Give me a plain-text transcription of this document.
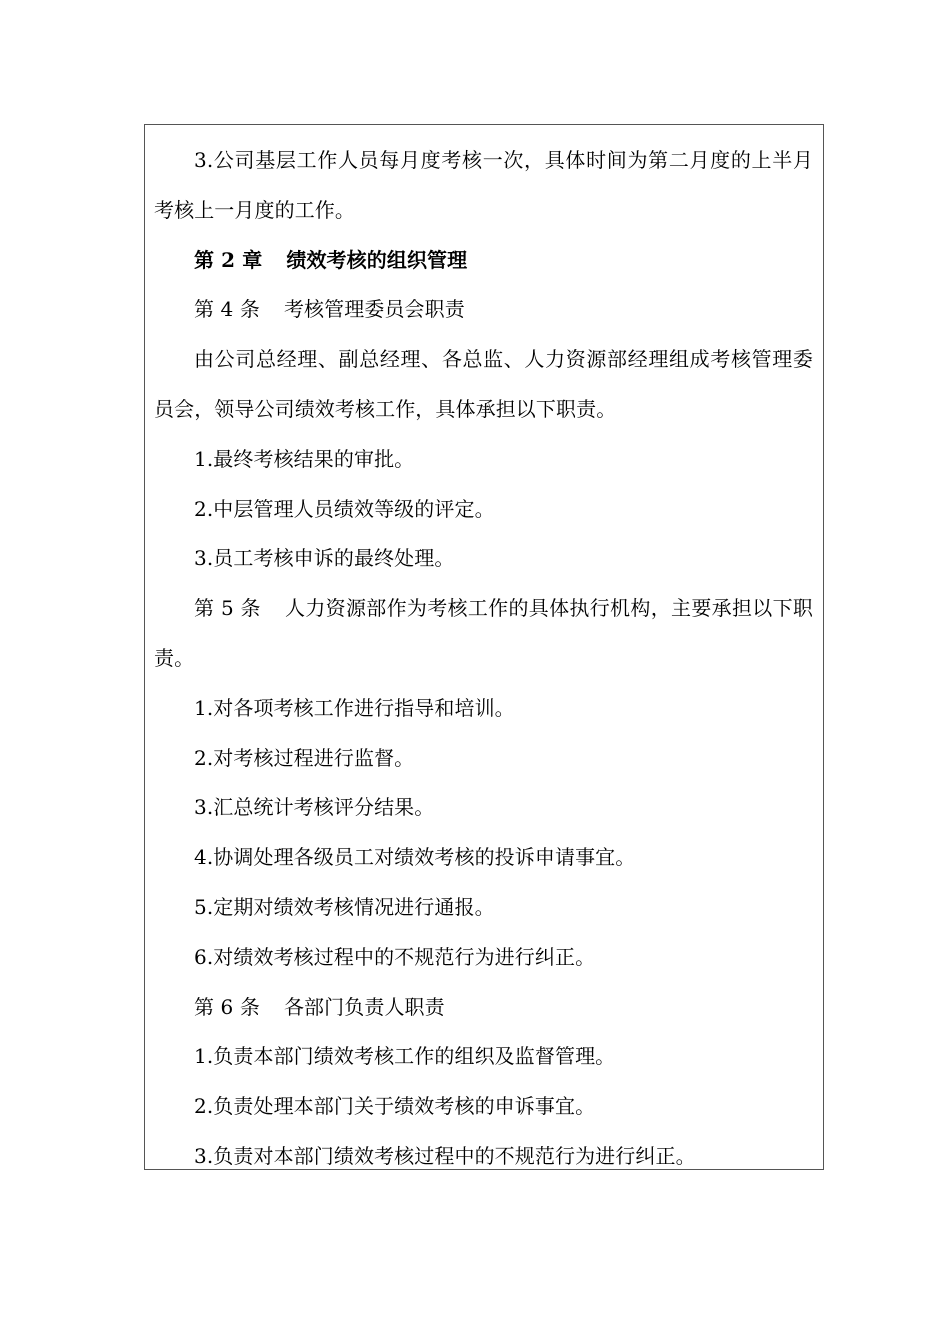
3.公司基层工作人员每月度考核一次，具体时间为第二月度的上半月考核上一月度的工作。

第 2 章 绩效考核的组织管理

第 4 条 考核管理委员会职责

由公司总经理、副总经理、各总监、人力资源部经理组成考核管理委员会，领导公司绩效考核工作，具体承担以下职责。

1.最终考核结果的审批。

2.中层管理人员绩效等级的评定。

3.员工考核申诉的最终处理。

第 5 条 人力资源部作为考核工作的具体执行机构，主要承担以下职责。

1.对各项考核工作进行指导和培训。

2.对考核过程进行监督。

3.汇总统计考核评分结果。

4.协调处理各级员工对绩效考核的投诉申请事宜。

5.定期对绩效考核情况进行通报。

6.对绩效考核过程中的不规范行为进行纠正。

第 6 条 各部门负责人职责

1.负责本部门绩效考核工作的组织及监督管理。

2.负责处理本部门关于绩效考核的申诉事宜。

3.负责对本部门绩效考核过程中的不规范行为进行纠正。
